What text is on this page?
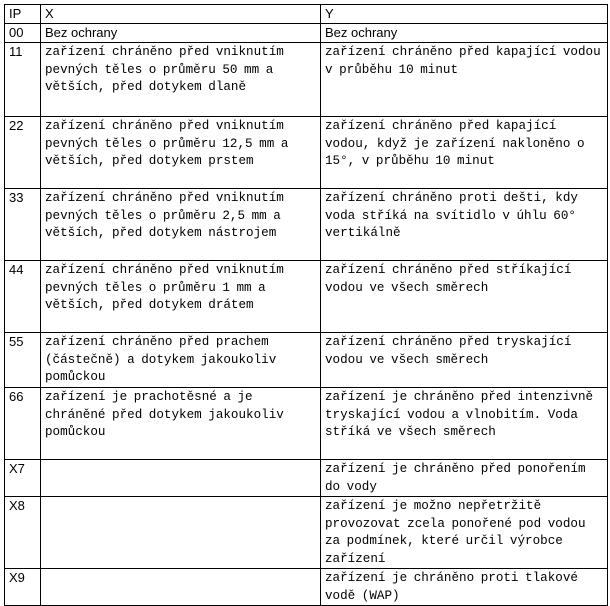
IP	X	Y
00	Bez ochrany	Bez ochrany
11	zařízení chráněno před vniknutím pevných těles o průměru 50 mm a větších, před dotykem dlaně	zařízení chráněno před kapající vodou v průběhu 10 minut
22	zařízení chráněno před vniknutím pevných těles o průměru 12,5 mm a větších, před dotykem prstem	zařízení chráněno před kapající vodou, když je zařízení nakloněno o 15°, v průběhu 10 minut
33	zařízení chráněno před vniknutím pevných těles o průměru 2,5 mm a větších, před dotykem nástrojem	zařízení chráněno proti dešti, kdy voda stříká na svítidlo v úhlu 60° vertikálně
44	zařízení chráněno před vniknutím pevných těles o průměru 1 mm a větších, před dotykem drátem	zařízení chráněno před stříkající vodou ve všech směrech
55	zařízení chráněno před prachem (částečně) a dotykem jakoukoliv pomůckou	zařízení chráněno před tryskající vodou ve všech směrech
66	zařízení je prachotěsné a je chráněné před dotykem jakoukoliv pomůckou	zařízení je chráněno před intenzivně tryskající vodou a vlnobitím. Voda stříká ve všech směrech
X7		zařízení je chráněno před ponořením do vody
X8		zařízení je možno nepřetržitě provozovat zcela ponořené pod vodou za podmínek, které určil výrobce zařízení
X9		zařízení je chráněno proti tlakové vodě (WAP)
